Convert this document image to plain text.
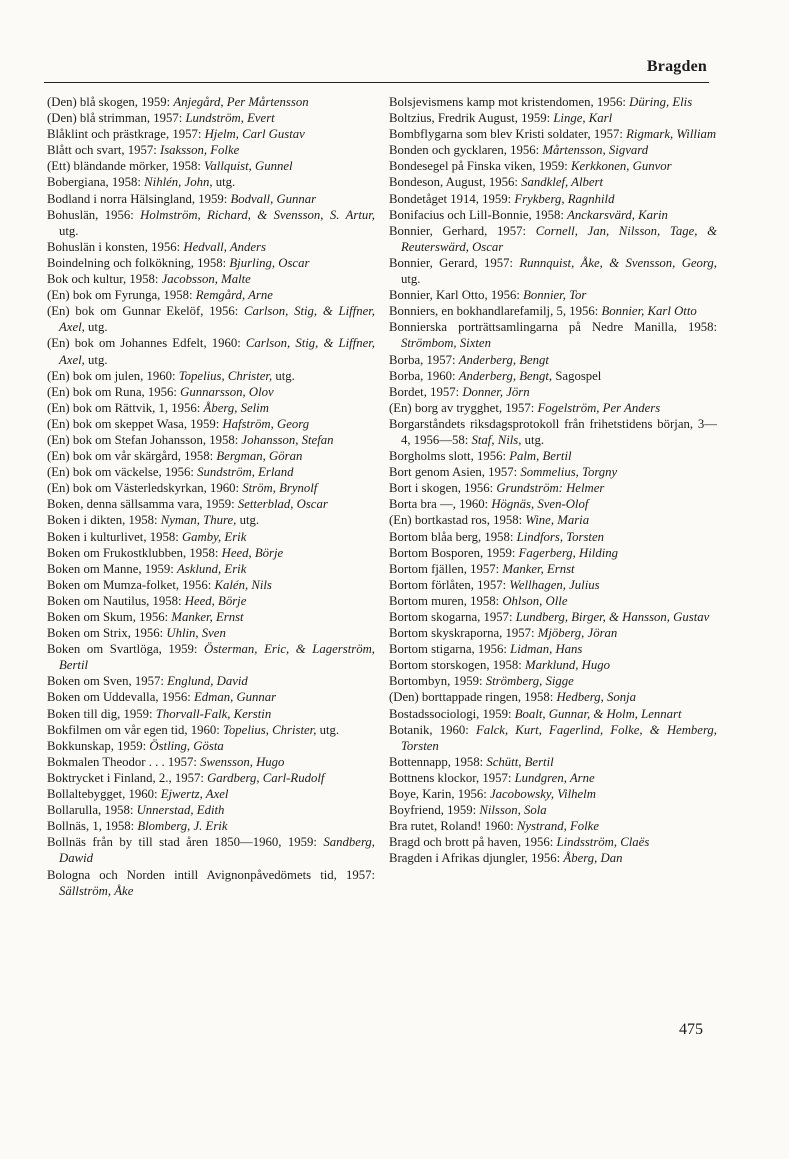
Bragden

(Den) blå skogen, 1959: Anjegård, Per Mårtensson

(Den) blå strimman, 1957: Lundström, Evert

Blåklint och prästkrage, 1957: Hjelm, Carl Gustav

Blått och svart, 1957: Isaksson, Folke

(Ett) bländande mörker, 1958: Vallquist, Gunnel

Bobergiana, 1958: Nihlén, John, utg.

Bodland i norra Hälsingland, 1959: Bodvall, Gunnar

Bohuslän, 1956: Holmström, Richard, & Svensson, S. Artur, utg.

Bohuslän i konsten, 1956: Hedvall, Anders

Boindelning och folkökning, 1958: Bjurling, Oscar

Bok och kultur, 1958: Jacobsson, Malte

(En) bok om Fyrunga, 1958: Remgård, Arne

(En) bok om Gunnar Ekelöf, 1956: Carlson, Stig, & Liffner, Axel, utg.

(En) bok om Johannes Edfelt, 1960: Carlson, Stig, & Liffner, Axel, utg.

(En) bok om julen, 1960: Topelius, Christer, utg.

(En) bok om Runa, 1956: Gunnarsson, Olov

(En) bok om Rättvik, 1, 1956: Åberg, Selim

(En) bok om skeppet Wasa, 1959: Hafström, Georg

(En) bok om Stefan Johansson, 1958: Johansson, Stefan

(En) bok om vår skärgård, 1958: Bergman, Göran

(En) bok om väckelse, 1956: Sundström, Erland

(En) bok om Västerledskyrkan, 1960: Ström, Brynolf

Boken, denna sällsamma vara, 1959: Setterblad, Oscar

Boken i dikten, 1958: Nyman, Thure, utg.

Boken i kulturlivet, 1958: Gamby, Erik

Boken om Frukostklubben, 1958: Heed, Börje

Boken om Manne, 1959: Asklund, Erik

Boken om Mumza-folket, 1956: Kalén, Nils

Boken om Nautilus, 1958: Heed, Börje

Boken om Skum, 1956: Manker, Ernst

Boken om Strix, 1956: Uhlin, Sven

Boken om Svartlöga, 1959: Österman, Eric, & Lagerström, Bertil

Boken om Sven, 1957: Englund, David

Boken om Uddevalla, 1956: Edman, Gunnar

Boken till dig, 1959: Thorvall-Falk, Kerstin

Bokfilmen om vår egen tid, 1960: Topelius, Christer, utg.

Bokkunskap, 1959: Östling, Gösta

Bokmalen Theodor . . . 1957: Swensson, Hugo

Boktrycket i Finland, 2., 1957: Gardberg, Carl-Rudolf

Bollaltebygget, 1960: Ejwertz, Axel

Bollarulla, 1958: Unnerstad, Edith

Bollnäs, 1, 1958: Blomberg, J. Erik

Bollnäs från by till stad åren 1850—1960, 1959: Sandberg, Dawid

Bologna och Norden intill Avignonpåvedömets tid, 1957: Sällström, Åke

Bolsjevismens kamp mot kristendomen, 1956: Düring, Elis

Boltzius, Fredrik August, 1959: Linge, Karl

Bombflygarna som blev Kristi soldater, 1957: Rigmark, William

Bonden och gycklaren, 1956: Mårtensson, Sigvard

Bondesegel på Finska viken, 1959: Kerkkonen, Gunvor

Bondeson, August, 1956: Sandklef, Albert

Bondetåget 1914, 1959: Frykberg, Ragnhild

Bonifacius och Lill-Bonnie, 1958: Anckarsvärd, Karin

Bonnier, Gerhard, 1957: Cornell, Jan, Nilsson, Tage, & Reuterswärd, Oscar

Bonnier, Gerard, 1957: Runnquist, Åke, & Svensson, Georg, utg.

Bonnier, Karl Otto, 1956: Bonnier, Tor

Bonniers, en bokhandlarefamilj, 5, 1956: Bonnier, Karl Otto

Bonnierska porträttsamlingarna på Nedre Manilla, 1958: Strömbom, Sixten

Borba, 1957: Anderberg, Bengt

Borba, 1960: Anderberg, Bengt, Sagospel

Bordet, 1957: Donner, Jörn

(En) borg av trygghet, 1957: Fogelström, Per Anders

Borgarståndets riksdagsprotokoll från frihetstidens början, 3—4, 1956—58: Staf, Nils, utg.

Borgholms slott, 1956: Palm, Bertil

Bort genom Asien, 1957: Sommelius, Torgny

Bort i skogen, 1956: Grundström: Helmer

Borta bra —, 1960: Högnäs, Sven-Olof

(En) bortkastad ros, 1958: Wine, Maria

Bortom blåa berg, 1958: Lindfors, Torsten

Bortom Bosporen, 1959: Fagerberg, Hilding

Bortom fjällen, 1957: Manker, Ernst

Bortom förlåten, 1957: Wellhagen, Julius

Bortom muren, 1958: Ohlson, Olle

Bortom skogarna, 1957: Lundberg, Birger, & Hansson, Gustav

Bortom skyskraporna, 1957: Mjöberg, Jöran

Bortom stigarna, 1956: Lidman, Hans

Bortom storskogen, 1958: Marklund, Hugo

Bortombyn, 1959: Strömberg, Sigge

(Den) borttappade ringen, 1958: Hedberg, Sonja

Bostadssociologi, 1959: Boalt, Gunnar, & Holm, Lennart

Botanik, 1960: Falck, Kurt, Fagerlind, Folke, & Hemberg, Torsten

Bottennapp, 1958: Schütt, Bertil

Bottnens klockor, 1957: Lundgren, Arne

Boye, Karin, 1956: Jacobowsky, Vilhelm

Boyfriend, 1959: Nilsson, Sola

Bra rutet, Roland! 1960: Nystrand, Folke

Bragd och brott på haven, 1956: Lindsström, Claës

Bragden i Afrikas djungler, 1956: Åberg, Dan

475
